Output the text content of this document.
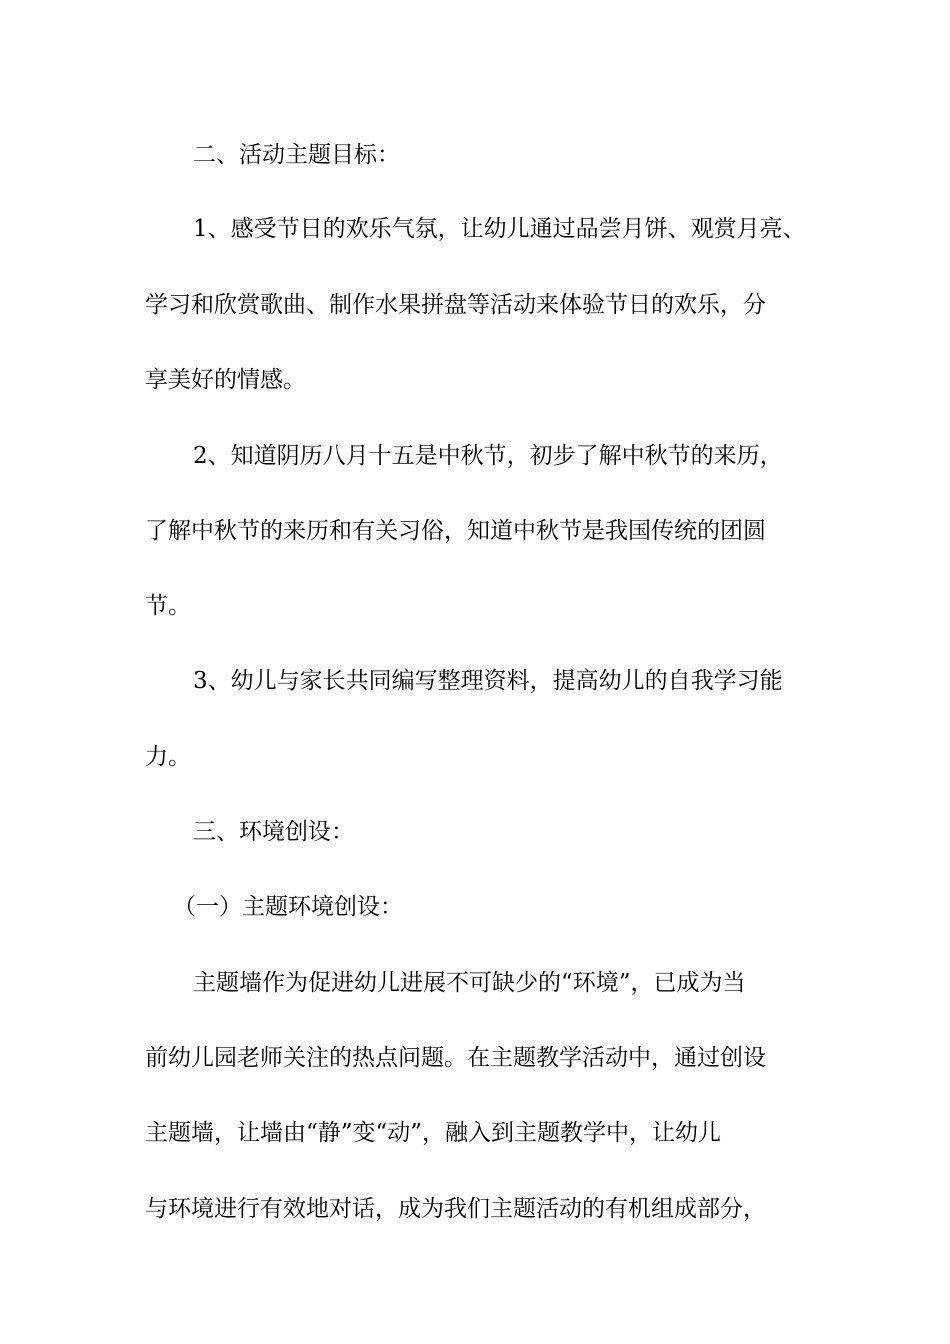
二、活动主题目标：

1、感受节日的欢乐气氛，让幼儿通过品尝月饼、观赏月亮、

学习和欣赏歌曲、制作水果拼盘等活动来体验节日的欢乐，分

享美好的情感。

2、知道阴历八月十五是中秋节，初步了解中秋节的来历，

了解中秋节的来历和有关习俗，知道中秋节是我国传统的团圆

节。

3、幼儿与家长共同编写整理资料，提高幼儿的自我学习能

力。

三、环境创设：

（一）主题环境创设：

主题墙作为促进幼儿进展不可缺少的“环境”，已成为当

前幼儿园老师关注的热点问题。在主题教学活动中，通过创设

主题墙，让墙由“静”变“动”，融入到主题教学中，让幼儿

与环境进行有效地对话，成为我们主题活动的有机组成部分，
